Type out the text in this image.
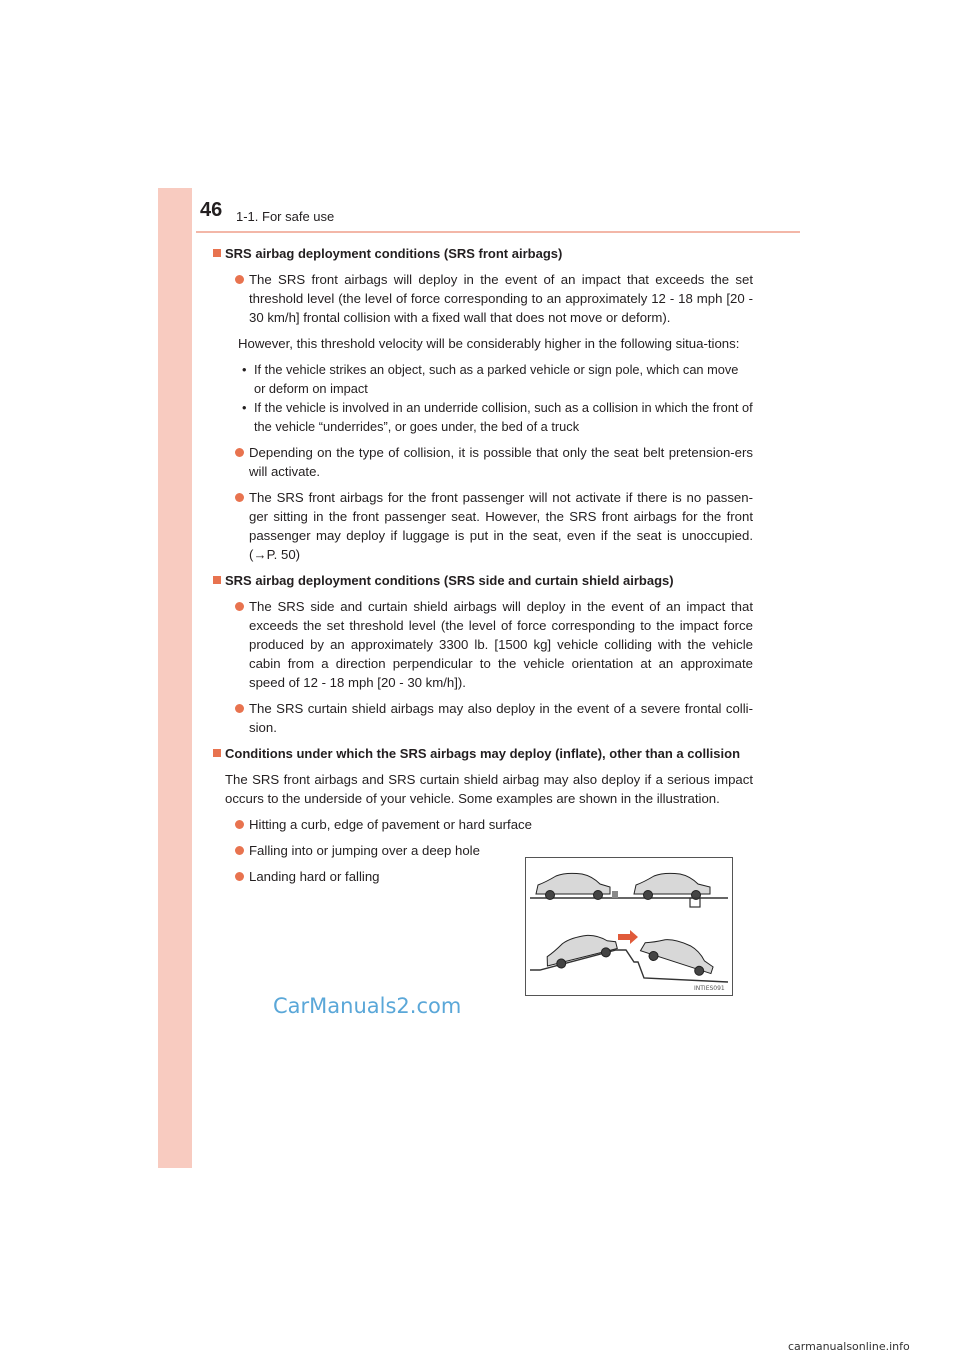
46 1-1. For safe use
SRS airbag deployment conditions (SRS front airbags)
The SRS front airbags will deploy in the event of an impact that exceeds the set threshold level (the level of force corresponding to an approximately 12 - 18 mph [20 - 30 km/h] frontal collision with a fixed wall that does not move or deform).
However, this threshold velocity will be considerably higher in the following situa-tions:
• If the vehicle strikes an object, such as a parked vehicle or sign pole, which can move or deform on impact
• If the vehicle is involved in an underride collision, such as a collision in which the front of the vehicle “underrides”, or goes under, the bed of a truck
Depending on the type of collision, it is possible that only the seat belt pretension-ers will activate.
The SRS front airbags for the front passenger will not activate if there is no passen-ger sitting in the front passenger seat. However, the SRS front airbags for the front passenger may deploy if luggage is put in the seat, even if the seat is unoccupied. (→P. 50)
SRS airbag deployment conditions (SRS side and curtain shield airbags)
The SRS side and curtain shield airbags will deploy in the event of an impact that exceeds the set threshold level (the level of force corresponding to the impact force produced by an approximately 3300 lb. [1500 kg] vehicle colliding with the vehicle cabin from a direction perpendicular to the vehicle orientation at an approximate speed of 12 - 18 mph [20 - 30 km/h]).
The SRS curtain shield airbags may also deploy in the event of a severe frontal colli-sion.
Conditions under which the SRS airbags may deploy (inflate), other than a collision
The SRS front airbags and SRS curtain shield airbag may also deploy if a serious impact occurs to the underside of your vehicle. Some examples are shown in the illustration.
Hitting a curb, edge of pavement or hard surface
Falling into or jumping over a deep hole
Landing hard or falling
INTIES091
CarManuals2.com
carmanualsonline.info
